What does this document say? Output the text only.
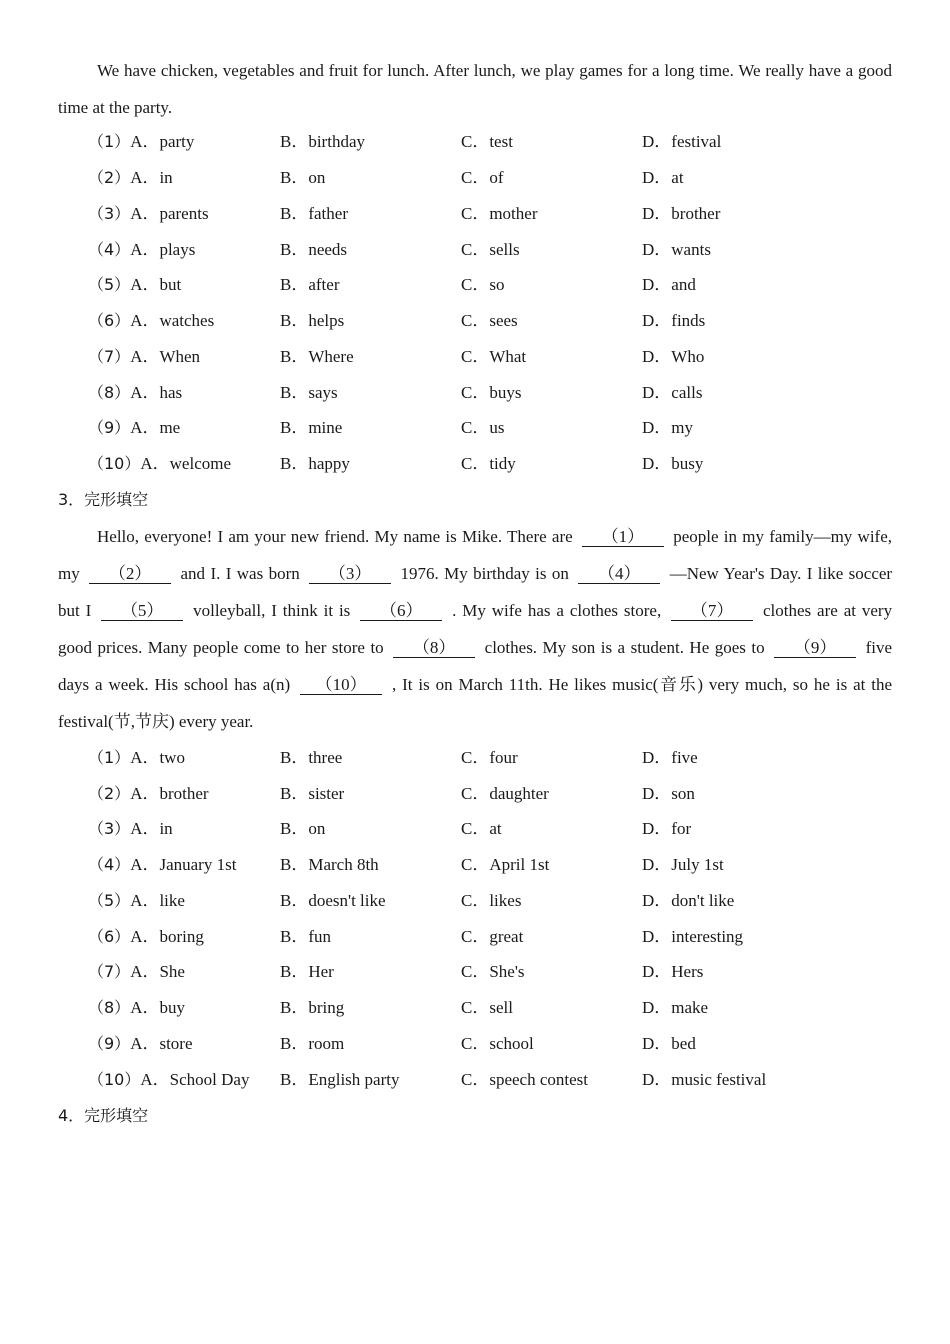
We have chicken, vegetables and fruit for lunch. After lunch, we play games for a long time. We really have a good time at the party.
（1）A．party	B．birthday	C．test	D．festival
（2）A．in	B．on	C．of	D．at
（3）A．parents	B．father	C．mother	D．brother
（4）A．plays	B．needs	C．sells	D．wants
（5）A．but	B．after	C．so	D．and
（6）A．watches	B．helps	C．sees	D．finds
（7）A．When	B．Where	C．What	D．Who
（8）A．has	B．says	C．buys	D．calls
（9）A．me	B．mine	C．us	D．my
（10）A．welcome	B．happy	C．tidy	D．busy
3．完形填空
Hello, everyone! I am your new friend. My name is Mike. There are （1） people in my family—my wife, my （2） and I. I was born （3） 1976. My birthday is on （4） —New Year's Day. I like soccer but I （5） volleyball, I think it is （6） . My wife has a clothes store, （7） clothes are at very good prices. Many people come to her store to （8） clothes. My son is a student. He goes to （9） five days a week. His school has a(n) （10） , It is on March 11th. He likes music(音乐) very much, so he is at the festival(节,节庆) every year.
（1）A．two	B．three	C．four	D．five
（2）A．brother	B．sister	C．daughter	D．son
（3）A．in	B．on	C．at	D．for
（4）A．January 1st	B．March 8th	C．April 1st	D．July 1st
（5）A．like	B．doesn't like	C．likes	D．don't like
（6）A．boring	B．fun	C．great	D．interesting
（7）A．She	B．Her	C．She's	D．Hers
（8）A．buy	B．bring	C．sell	D．make
（9）A．store	B．room	C．school	D．bed
（10）A．School Day B．English party	C．speech contest	D．music festival
4．完形填空
